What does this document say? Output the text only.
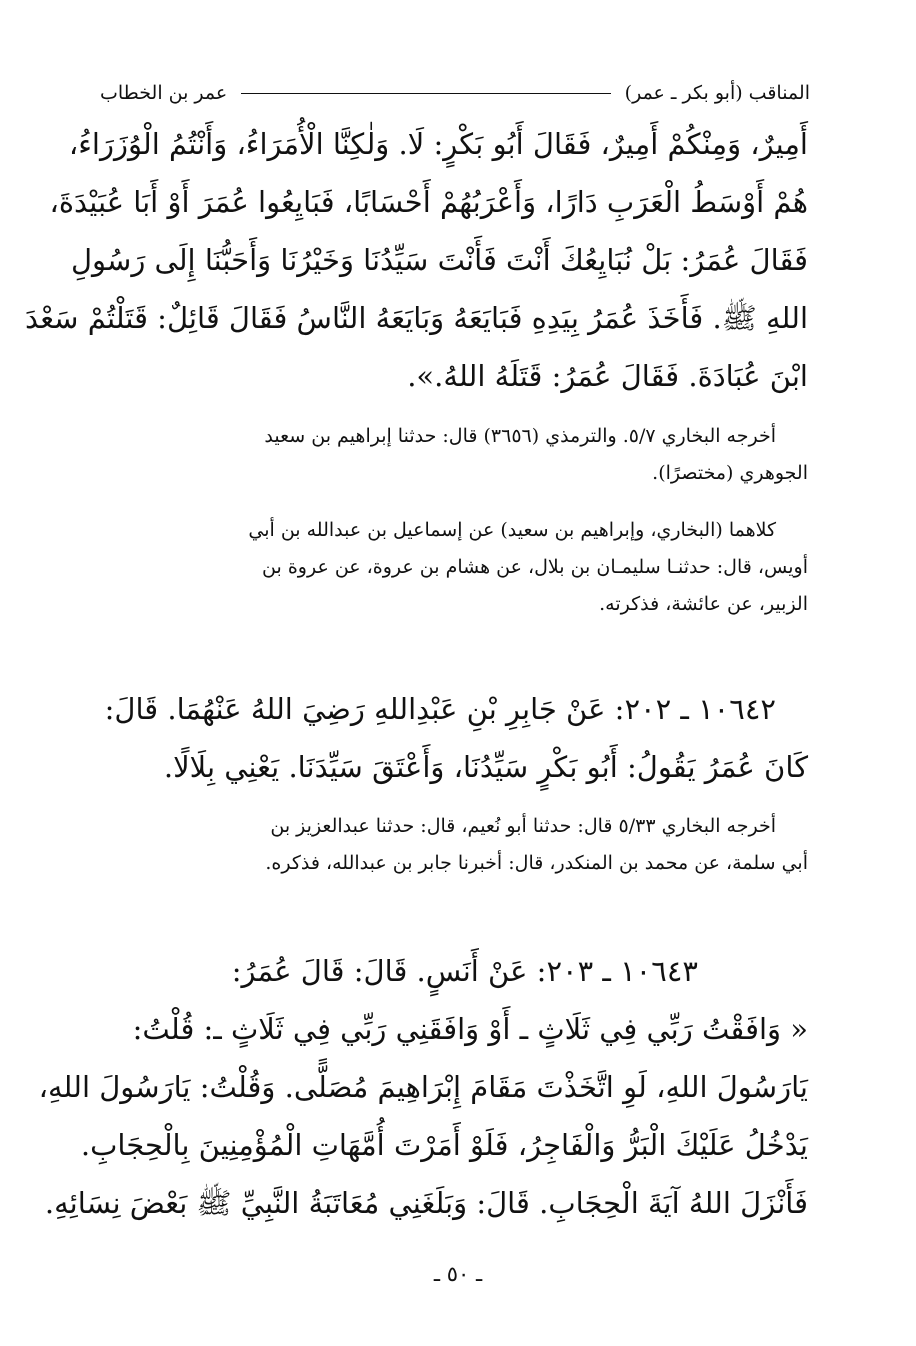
المناقب (أبو بكر ـ عمر)
عمر بن الخطاب
أَمِيرٌ، وَمِنْكُمْ أَمِيرٌ، فَقَالَ أَبُو بَكْرٍ: لَا. وَلٰكِنَّا الْأُمَرَاءُ، وَأَنْتُمُ الْوُزَرَاءُ،
هُمْ أَوْسَطُ الْعَرَبِ دَارًا، وَأَعْرَبُهُمْ أَحْسَابًا، فَبَايِعُوا عُمَرَ أَوْ أَبَا عُبَيْدَةَ،
فَقَالَ عُمَرُ: بَلْ نُبَايِعُكَ أَنْتَ فَأَنْتَ سَيِّدُنَا وَخَيْرُنَا وَأَحَبُّنَا إِلَى رَسُولِ
اللهِ ﷺ. فَأَخَذَ عُمَرُ بِيَدِهِ فَبَايَعَهُ وَبَايَعَهُ النَّاسُ فَقَالَ قَائِلٌ: قَتَلْتُمْ سَعْدَ
ابْنَ عُبَادَةَ. فَقَالَ عُمَرُ: قَتَلَهُ اللهُ.».
أخرجه البخاري ٥/٧. والترمذي (٣٦٥٦) قال: حدثنا إبراهيم بن سعيد
الجوهري (مختصرًا).
كلاهما (البخاري، وإبراهيم بن سعيد) عن إسماعيل بن عبدالله بن أبي
أويس، قال: حدثنـا سليمـان بن بلال، عن هشام بن عروة، عن عروة بن
الزبير، عن عائشة، فذكرته.
١٠٦٤٢ ـ ٢٠٢: عَنْ جَابِرِ بْنِ عَبْدِاللهِ رَضِيَ اللهُ عَنْهُمَا. قَالَ:
كَانَ عُمَرُ يَقُولُ: أَبُو بَكْرٍ سَيِّدُنَا، وَأَعْتَقَ سَيِّدَنَا. يَعْنِي بِلَالًا.
أخرجه البخاري ٥/٣٣ قال: حدثنا أبو نُعيم، قال: حدثنا عبدالعزيز بن
أبي سلمة، عن محمد بن المنكدر، قال: أخبرنا جابر بن عبدالله، فذكره.
١٠٦٤٣ ـ ٢٠٣: عَنْ أَنَسٍ. قَالَ: قَالَ عُمَرُ:
« وَافَقْتُ رَبِّي فِي ثَلَاثٍ ـ أَوْ وَافَقَنِي رَبِّي فِي ثَلَاثٍ ـ: قُلْتُ:
يَارَسُولَ اللهِ، لَوِ اتَّخَذْتَ مَقَامَ إِبْرَاهِيمَ مُصَلًّى. وَقُلْتُ: يَارَسُولَ اللهِ،
يَدْخُلُ عَلَيْكَ الْبَرُّ وَالْفَاجِرُ، فَلَوْ أَمَرْتَ أُمَّهَاتِ الْمُؤْمِنِينَ بِالْحِجَابِ.
فَأَنْزَلَ اللهُ آيَةَ الْحِجَابِ. قَالَ: وَبَلَغَنِي مُعَاتَبَةُ النَّبِيِّ ﷺ بَعْضَ نِسَائِهِ.
ـ ٥٠ ـ
